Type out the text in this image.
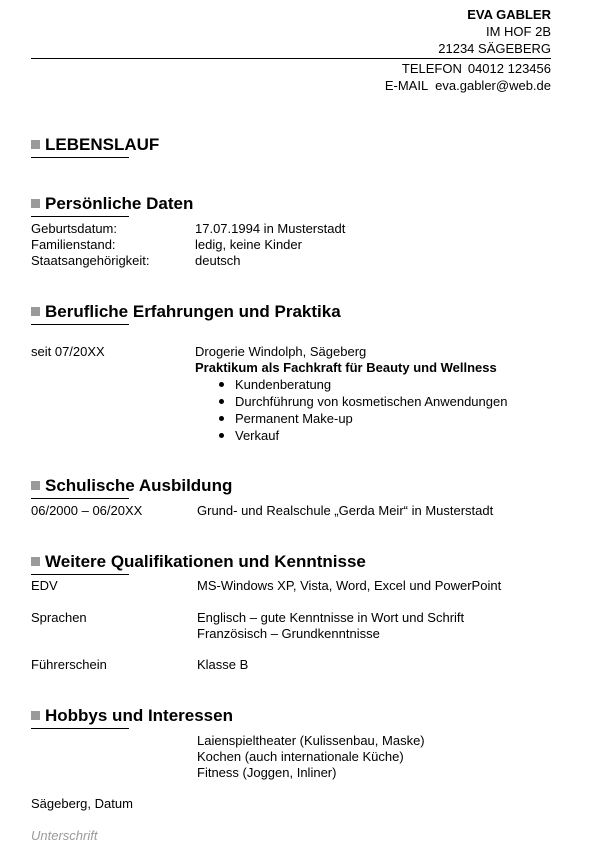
EVA GABLER
IM HOF 2B
21234 SÄGEBERG
TELEFON 04012 123456
E-MAIL eva.gabler@web.de
LEBENSLAUF
Persönliche Daten
Geburtsdatum:	17.07.1994 in Musterstadt
Familienstand:	ledig, keine Kinder
Staatsangehörigkeit:	deutsch
Berufliche Erfahrungen und Praktika
seit 07/20XX	Drogerie Windolph, Sägeberg
Praktikum als Fachkraft für Beauty und Wellness
Kundenberatung
Durchführung von kosmetischen Anwendungen
Permanent Make-up
Verkauf
Schulische Ausbildung
06/2000 – 06/20XX	Grund- und Realschule „Gerda Meir“ in Musterstadt
Weitere Qualifikationen und Kenntnisse
EDV	MS-Windows XP, Vista, Word, Excel und PowerPoint
Sprachen	Englisch – gute Kenntnisse in Wort und Schrift
Französisch – Grundkenntnisse
Führerschein	Klasse B
Hobbys und Interessen
Laienspieltheater (Kulissenbau, Maske)
Kochen (auch internationale Küche)
Fitness (Joggen, Inliner)
Sägeberg, Datum
Unterschrift
